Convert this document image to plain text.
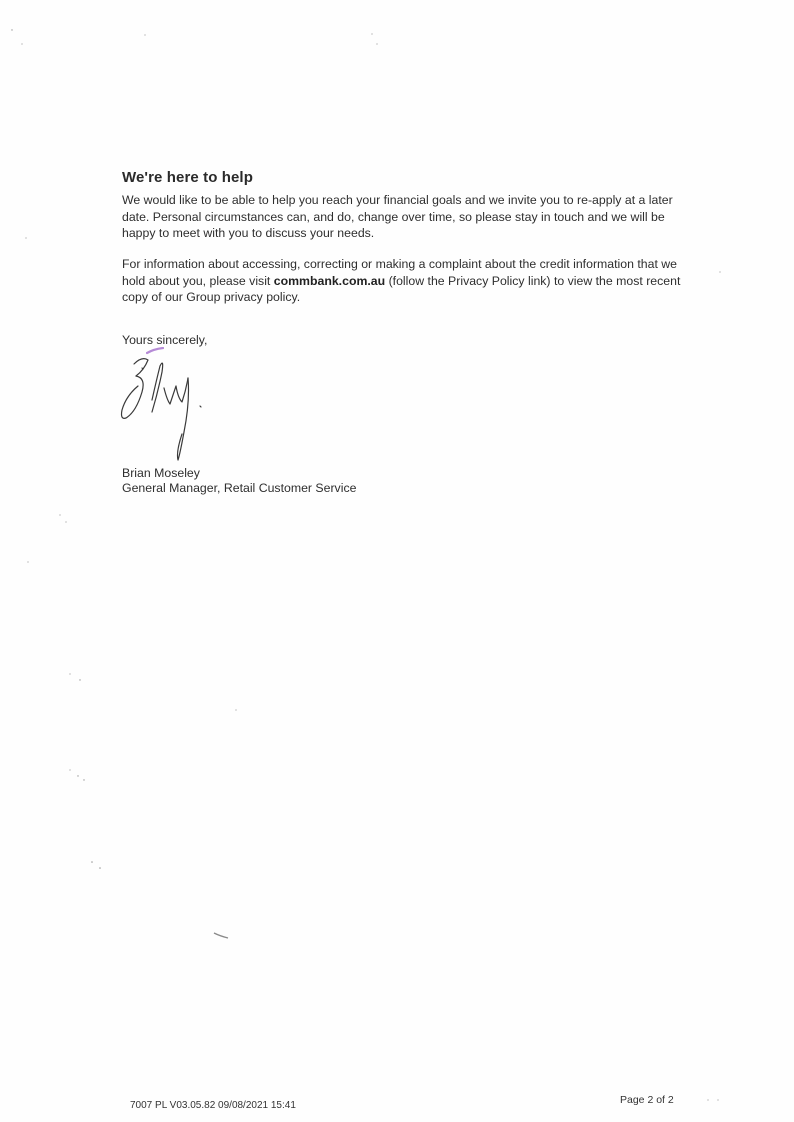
We're here to help
We would like to be able to help you reach your financial goals and we invite you to re-apply at a later date. Personal circumstances can, and do, change over time, so please stay in touch and we will be happy to meet with you to discuss your needs.
For information about accessing, correcting or making a complaint about the credit information that we hold about you, please visit commbank.com.au (follow the Privacy Policy link) to view the most recent copy of our Group privacy policy.
Yours sincerely,
Brian Moseley
General Manager, Retail Customer Service
7007 PL V03.05.82 09/08/2021 15:41	Page 2 of 2
